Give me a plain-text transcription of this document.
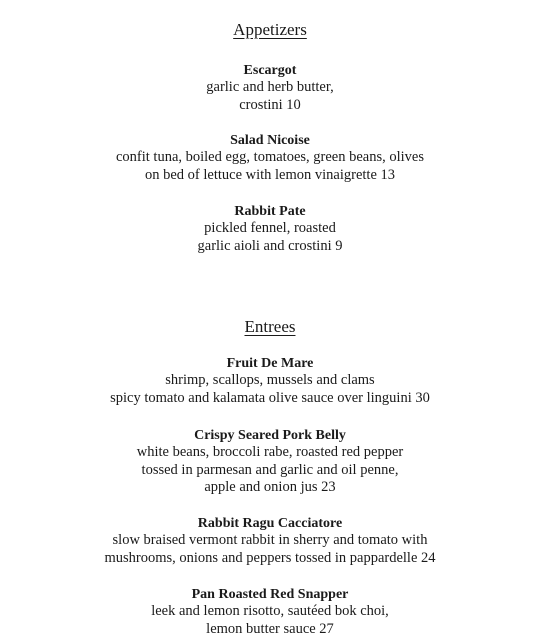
Appetizers
Escargot
garlic and herb butter,
crostini 10
Salad Nicoise
confit tuna, boiled egg, tomatoes, green beans, olives
on bed of lettuce with lemon vinaigrette 13
Rabbit Pate
pickled fennel, roasted
garlic aioli and crostini 9
Entrees
Fruit De Mare
shrimp, scallops, mussels and clams
spicy tomato and kalamata olive sauce over linguini 30
Crispy Seared Pork Belly
white beans, broccoli rabe, roasted red pepper
tossed in parmesan and garlic and oil penne,
apple and onion jus 23
Rabbit Ragu Cacciatore
slow braised vermont rabbit in sherry and tomato with
mushrooms, onions and peppers tossed in pappardelle 24
Pan Roasted Red Snapper
leek and lemon risotto, sautéed bok choi,
lemon butter sauce 27
